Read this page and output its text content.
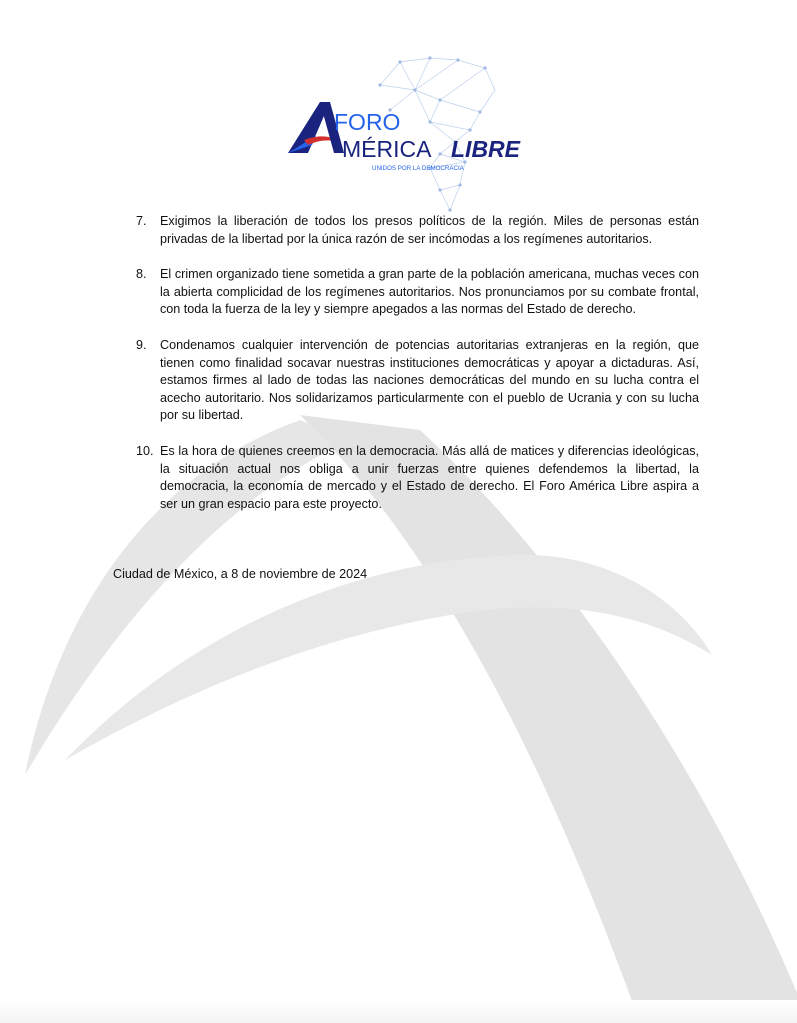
FORO
MÉRICA LIBRE
UNIDOS POR LA DEMOCRACIA
7.	Exigimos la liberación de todos los presos políticos de la región. Miles de personas están privadas de la libertad por la única razón de ser incómodas a los regímenes autoritarios.
8.	El crimen organizado tiene sometida a gran parte de la población americana, muchas veces con la abierta complicidad de los regímenes autoritarios. Nos pronunciamos por su combate frontal, con toda la fuerza de la ley y siempre apegados a las normas del Estado de derecho.
9.	Condenamos cualquier intervención de potencias autoritarias extranjeras en la región, que tienen como finalidad socavar nuestras instituciones democráticas y apoyar a dictaduras. Así, estamos firmes al lado de todas las naciones democráticas del mundo en su lucha contra el acecho autoritario. Nos solidarizamos particularmente con el pueblo de Ucrania y con su lucha por su libertad.
10. Es la hora de quienes creemos en la democracia. Más allá de matices y diferencias ideológicas, la situación actual nos obliga a unir fuerzas entre quienes defendemos la libertad, la democracia, la economía de mercado y el Estado de derecho. El Foro América Libre aspira a ser un gran espacio para este proyecto.

Ciudad de México, a 8 de noviembre de 2024
